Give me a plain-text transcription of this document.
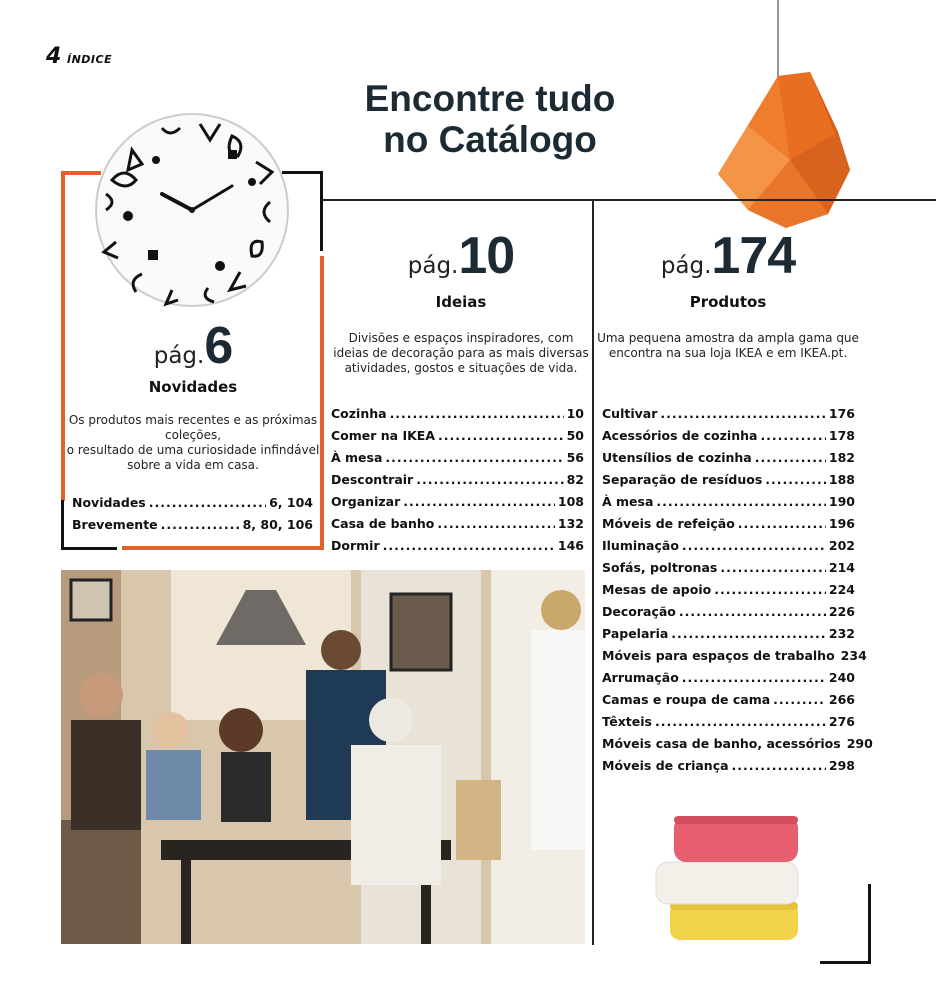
4 ÍNDICE
Encontre tudo
no Catálogo
pág.6
Novidades
Os produtos mais recentes e as próximas
coleções,
o resultado de uma curiosidade infindável
sobre a vida em casa.
Novidades .....	6, 104
Brevemente .....	8, 80, 106
pág.10
Ideias
Divisões e espaços inspiradores, com
ideias de decoração para as mais diversas
atividades, gostos e situações de vida.
Cozinha .....	10
Comer na IKEA .....	50
À mesa .....	56
Descontrair .....	82
Organizar .....	108
Casa de banho .....	132
Dormir .....	146
pág.174
Produtos
Uma pequena amostra da ampla gama que
encontra na sua loja IKEA e em IKEA.pt.
Cultivar .....	176
Acessórios de cozinha .....	178
Utensílios de cozinha .....	182
Separação de resíduos .....	188
À mesa .....	190
Móveis de refeição .....	196
Iluminação .....	202
Sofás, poltronas .....	214
Mesas de apoio .....	224
Decoração .....	226
Papelaria .....	232
Móveis para espaços de trabalho 234
Arrumação .....	240
Camas e roupa de cama .....	266
Têxteis .....	276
Móveis casa de banho, acessórios 290
Móveis de criança .....	298
